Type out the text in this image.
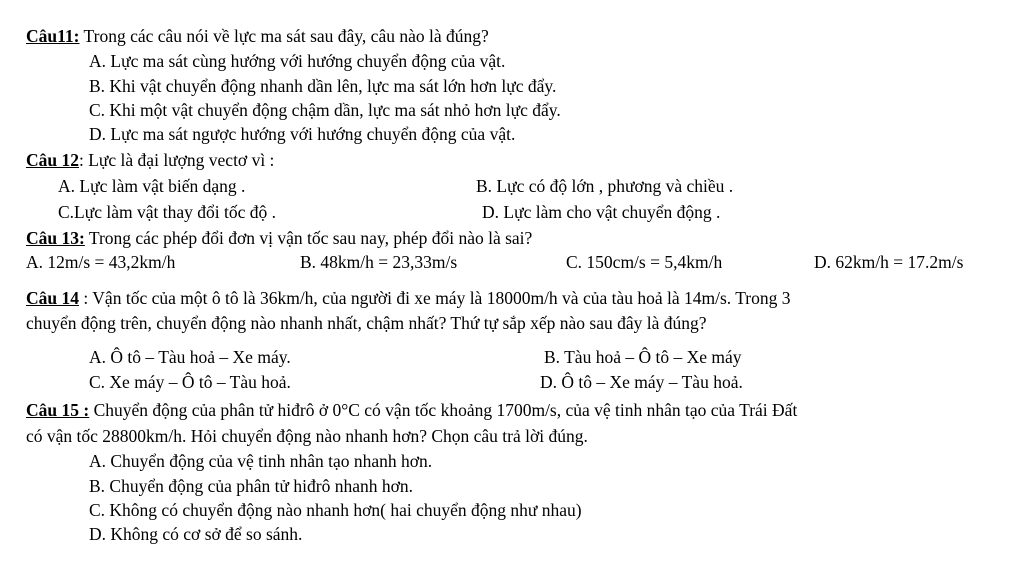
Câu11: Trong các câu nói về lực ma sát sau đây, câu nào là đúng?
A. Lực ma sát cùng hướng với hướng chuyển động của vật.
B. Khi vật chuyển động nhanh dần lên, lực ma sát lớn hơn lực đẩy.
C. Khi một vật chuyển động chậm dần, lực ma sát nhỏ hơn lực đẩy.
D. Lực ma sát ngược hướng với hướng chuyển động của vật.
Câu 12: Lực là đại lượng vectơ vì :
A. Lực làm vật biến dạng .	B. Lực có độ lớn , phương và chiều .
C.Lực làm vật thay đổi tốc độ .	D. Lực làm cho vật chuyển động .
Câu 13: Trong các phép đổi đơn vị vận tốc sau nay, phép đổi nào là sai?
A. 12m/s = 43,2km/h	B. 48km/h = 23,33m/s	C. 150cm/s = 5,4km/h	D. 62km/h = 17.2m/s
Câu 14 : Vận tốc của một ô tô là 36km/h, của người đi xe máy là 18000m/h và của tàu hoả là 14m/s. Trong 3
chuyển động trên, chuyển động nào nhanh nhất, chậm nhất? Thứ tự sắp xếp nào sau đây là đúng?
A. Ô tô – Tàu hoả – Xe máy.	B. Tàu hoả – Ô tô – Xe máy
C. Xe máy – Ô tô – Tàu hoả.	D. Ô tô – Xe máy – Tàu hoả.
Câu 15 : Chuyển động của phân tử hiđrô ở 0°C có vận tốc khoảng 1700m/s, của vệ tinh nhân tạo của Trái Đất
có vận tốc 28800km/h. Hỏi chuyển động nào nhanh hơn? Chọn câu trả lời đúng.
A. Chuyển động của vệ tinh nhân tạo nhanh hơn.
B. Chuyển động của phân tử hiđrô nhanh hơn.
C. Không có chuyển động nào nhanh hơn( hai chuyển động như nhau)
D. Không có cơ sở để so sánh.
